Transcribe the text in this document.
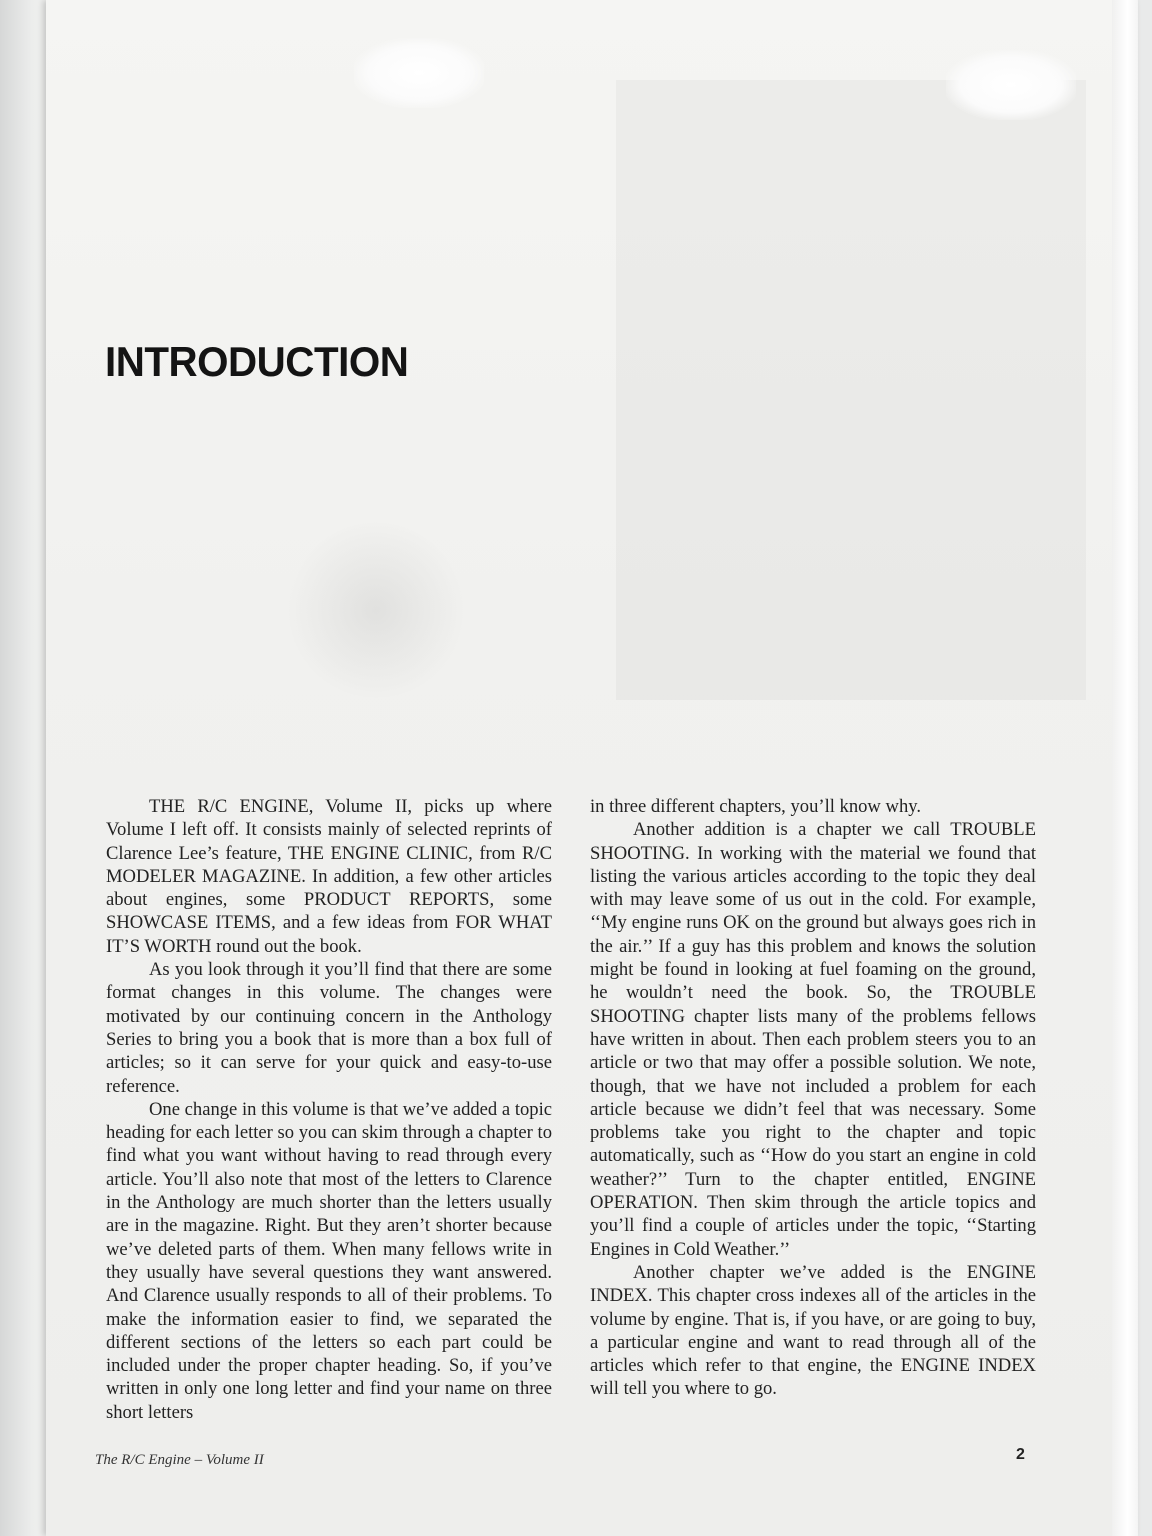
INTRODUCTION

THE R/C ENGINE, Volume II, picks up where Volume I left off. It consists mainly of selected reprints of Clarence Lee’s feature, THE ENGINE CLINIC, from R/C MODELER MAGAZINE. In addition, a few other articles about engines, some PRODUCT REPORTS, some SHOWCASE ITEMS, and a few ideas from FOR WHAT IT’S WORTH round out the book.

As you look through it you’ll find that there are some format changes in this volume. The changes were motivated by our continuing concern in the Anthology Series to bring you a book that is more than a box full of articles; so it can serve for your quick and easy-to-use reference.

One change in this volume is that we’ve added a topic heading for each letter so you can skim through a chapter to find what you want without having to read through every article. You’ll also note that most of the letters to Clarence in the Anthology are much shorter than the letters usually are in the magazine. Right. But they aren’t shorter because we’ve deleted parts of them. When many fellows write in they usually have several questions they want answered. And Clarence usually responds to all of their problems. To make the information easier to find, we separated the different sections of the letters so each part could be included under the proper chapter heading. So, if you’ve written in only one long letter and find your name on three short letters

in three different chapters, you’ll know why.

Another addition is a chapter we call TROUBLE SHOOTING. In working with the material we found that listing the various articles according to the topic they deal with may leave some of us out in the cold. For example, ‘‘My engine runs OK on the ground but always goes rich in the air.’’ If a guy has this problem and knows the solution might be found in looking at fuel foaming on the ground, he wouldn’t need the book. So, the TROUBLE SHOOTING chapter lists many of the problems fellows have written in about. Then each problem steers you to an article or two that may offer a possible solution. We note, though, that we have not included a problem for each article because we didn’t feel that was necessary. Some problems take you right to the chapter and topic automatically, such as ‘‘How do you start an engine in cold weather?’’ Turn to the chapter entitled, ENGINE OPERATION. Then skim through the article topics and you’ll find a couple of articles under the topic, ‘‘Starting Engines in Cold Weather.’’

Another chapter we’ve added is the ENGINE INDEX. This chapter cross indexes all of the articles in the volume by engine. That is, if you have, or are going to buy, a particular engine and want to read through all of the articles which refer to that engine, the ENGINE INDEX will tell you where to go.

The R/C Engine – Volume II	2
